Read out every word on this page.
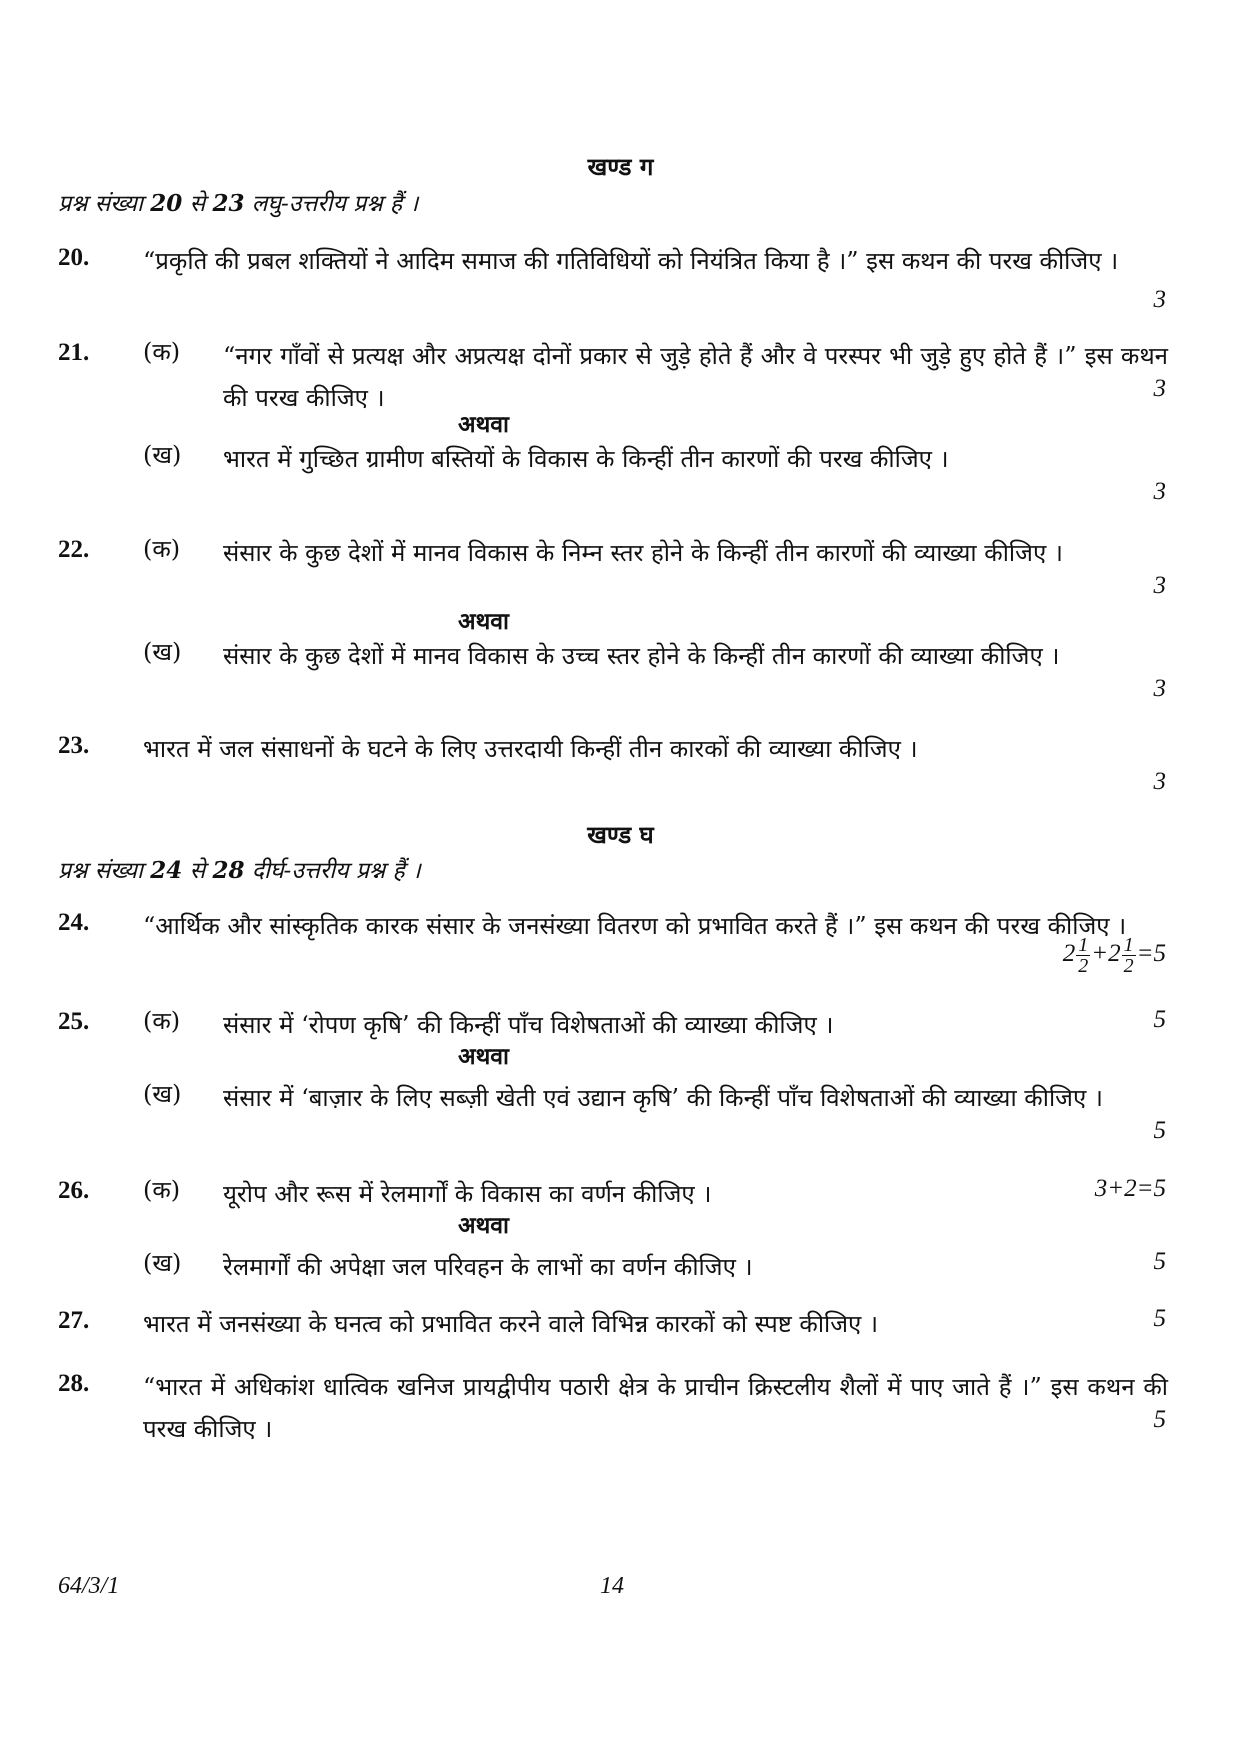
खण्ड ग
प्रश्न संख्या 20 से 23 लघु-उत्तरीय प्रश्न हैं ।
20. “प्रकृति की प्रबल शक्तियों ने आदिम समाज की गतिविधियों को नियंत्रित किया है ।” इस कथन की परख कीजिए ।
3
21. (क) “नगर गाँवों से प्रत्यक्ष और अप्रत्यक्ष दोनों प्रकार से जुड़े होते हैं और वे परस्पर भी जुड़े हुए होते हैं ।” इस कथन की परख कीजिए ।	3
अथवा
(ख) भारत में गुच्छित ग्रामीण बस्तियों के विकास के किन्हीं तीन कारणों की परख कीजिए ।
3
22. (क) संसार के कुछ देशों में मानव विकास के निम्न स्तर होने के किन्हीं तीन कारणों की व्याख्या कीजिए ।
3
अथवा
(ख) संसार के कुछ देशों में मानव विकास के उच्च स्तर होने के किन्हीं तीन कारणों की व्याख्या कीजिए ।
3
23. भारत में जल संसाधनों के घटने के लिए उत्तरदायी किन्हीं तीन कारकों की व्याख्या कीजिए ।
3
खण्ड घ
प्रश्न संख्या 24 से 28 दीर्घ-उत्तरीय प्रश्न हैं ।
24. “आर्थिक और सांस्कृतिक कारक संसार के जनसंख्या वितरण को प्रभावित करते हैं ।” इस कथन की परख कीजिए ।
$2 \frac{1}{2} +2 \frac{1}{2} =5$
25. (क) संसार में ‘रोपण कृषि’ की किन्हीं पाँच विशेषताओं की व्याख्या कीजिए ।	5
अथवा
(ख) संसार में ‘बाज़ार के लिए सब्ज़ी खेती एवं उद्यान कृषि’ की किन्हीं पाँच विशेषताओं की व्याख्या कीजिए ।
5
26. (क) यूरोप और रूस में रेलमार्गों के विकास का वर्णन कीजिए ।	3+2=5
अथवा
(ख) रेलमार्गों की अपेक्षा जल परिवहन के लाभों का वर्णन कीजिए ।	5
27. भारत में जनसंख्या के घनत्व को प्रभावित करने वाले विभिन्न कारकों को स्पष्ट कीजिए ।	5
28. “भारत में अधिकांश धात्विक खनिज प्रायद्वीपीय पठारी क्षेत्र के प्राचीन क्रिस्टलीय शैलों में पाए जाते हैं ।” इस कथन की परख कीजिए ।	5
64/3/1	14
